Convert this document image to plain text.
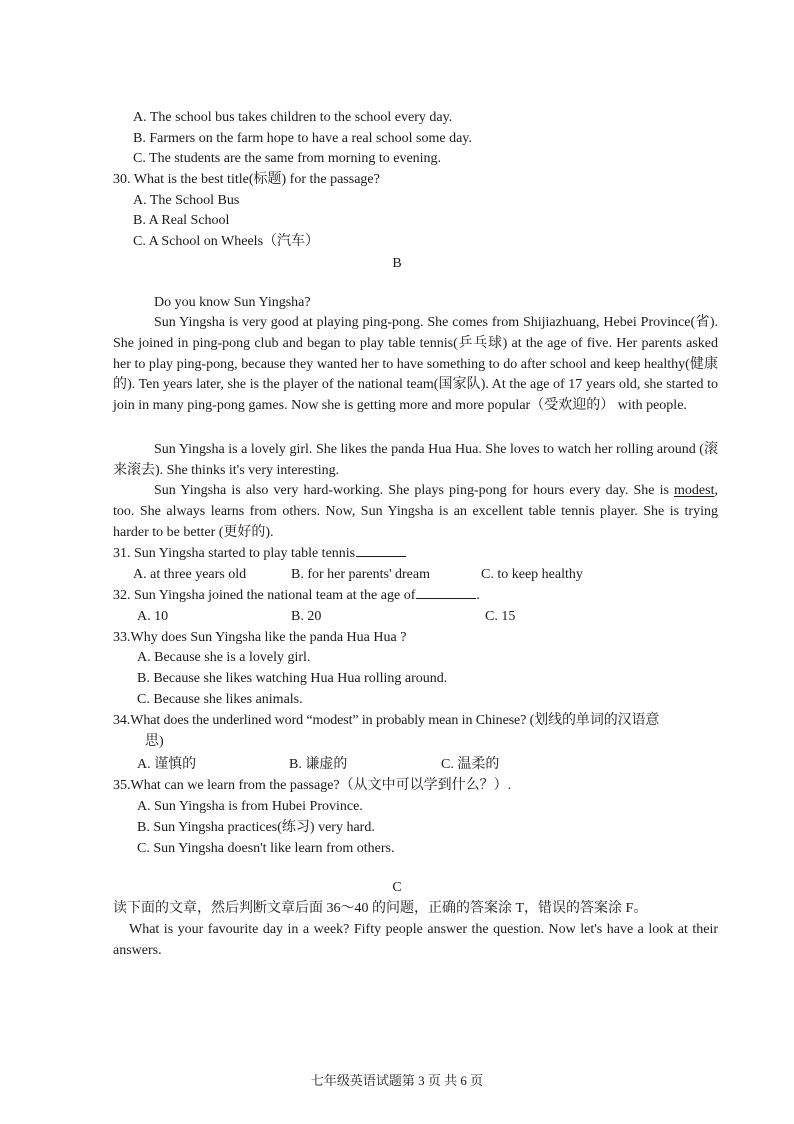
A. The school bus takes children to the school every day.
B. Farmers on the farm hope to have a real school some day.
C. The students are the same from morning to evening.
30. What is the best title(标题) for the passage?
A. The School Bus
B. A Real School
C. A School on Wheels（汽车）
B
Do you know Sun Yingsha?
Sun Yingsha is very good at playing ping-pong. She comes from Shijiazhuang, Hebei Province(省). She joined in ping-pong club and began to play table tennis(乒乓球) at the age of five. Her parents asked her to play ping-pong, because they wanted her to have something to do after school and keep healthy(健康的). Ten years later, she is the player of the national team(国家队). At the age of 17 years old, she started to join in many ping-pong games. Now she is getting more and more popular（受欢迎的） with people.
Sun Yingsha is a lovely girl. She likes the panda Hua Hua. She loves to watch her rolling around (滚来滚去). She thinks it's very interesting.
Sun Yingsha is also very hard-working. She plays ping-pong for hours every day. She is modest, too. She always learns from others. Now, Sun Yingsha is an excellent table tennis player. She is trying harder to be better (更好的).
31. Sun Yingsha started to play table tennis
A. at three years old	B. for her parents' dream	C. to keep healthy
32. Sun Yingsha joined the national team at the age of	.
A. 10	B. 20	C. 15
33.Why does Sun Yingsha like the panda Hua Hua ?
A. Because she is a lovely girl.
B. Because she likes watching Hua Hua rolling around.
C. Because she likes animals.
34.What does the underlined word “modest” in probably mean in Chinese? (划线的单词的汉语意
思)
A. 谨慎的	B. 谦虚的	C. 温柔的
35.What can we learn from the passage?（从文中可以学到什么？）.
A. Sun Yingsha is from Hubei Province.
B. Sun Yingsha practices(练习) very hard.
C. Sun Yingsha doesn't like learn from others.
C
读下面的文章，然后判断文章后面 36～40 的问题，正确的答案涂 T，错误的答案涂 F。
What is your favourite day in a week? Fifty people answer the question. Now let's have a look at their answers.
七年级英语试题第 3 页 共 6 页
